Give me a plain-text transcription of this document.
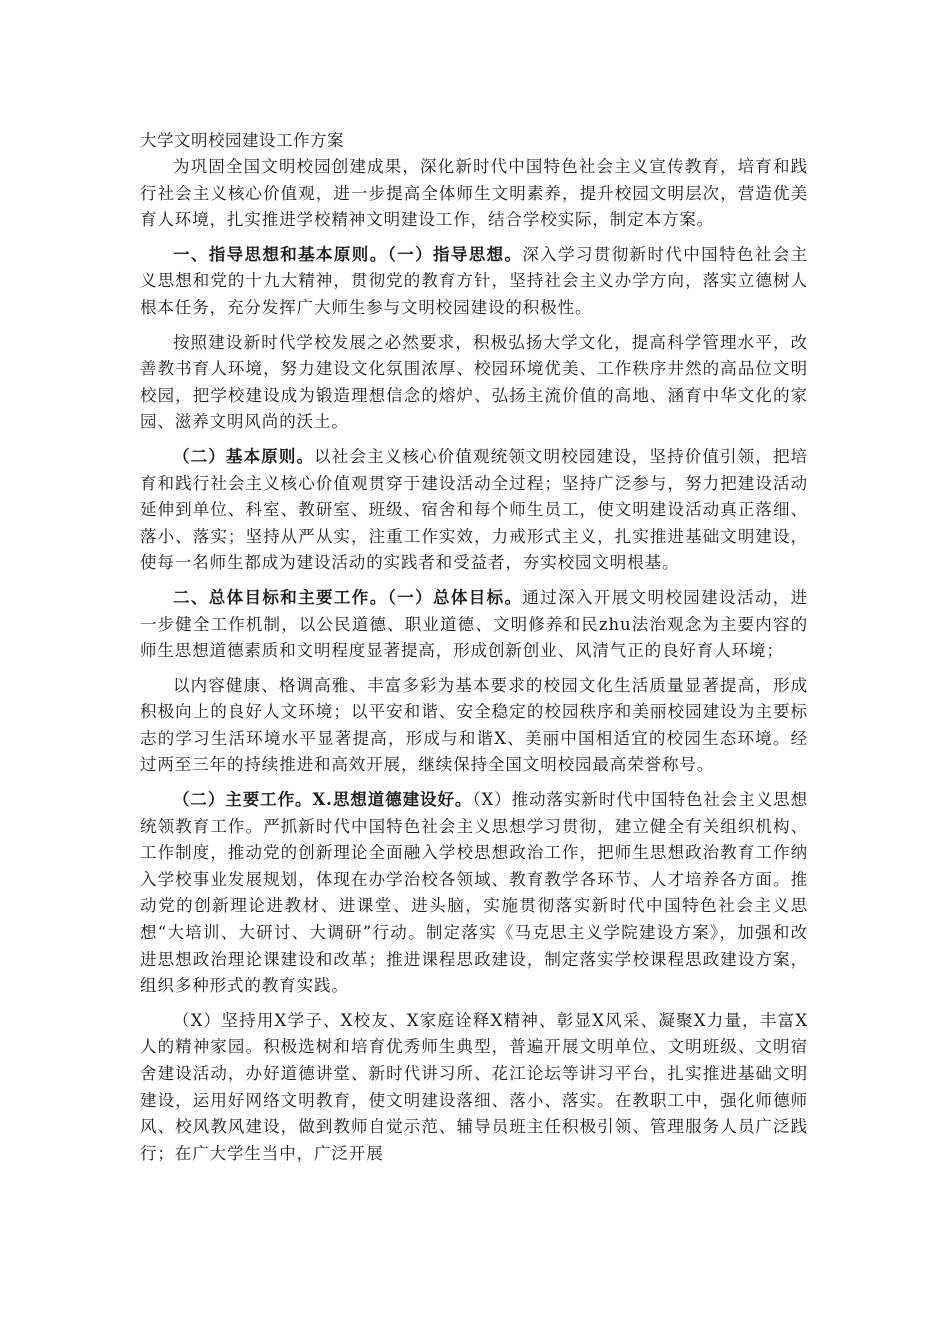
大学文明校园建设工作方案

为巩固全国文明校园创建成果，深化新时代中国特色社会主义宣传教育，培育和践行社会主义核心价值观，进一步提高全体师生文明素养，提升校园文明层次，营造优美育人环境，扎实推进学校精神文明建设工作，结合学校实际，制定本方案。

一、指导思想和基本原则。（一）指导思想。深入学习贯彻新时代中国特色社会主义思想和党的十九大精神，贯彻党的教育方针，坚持社会主义办学方向，落实立德树人根本任务，充分发挥广大师生参与文明校园建设的积极性。

按照建设新时代学校发展之必然要求，积极弘扬大学文化，提高科学管理水平，改善教书育人环境，努力建设文化氛围浓厚、校园环境优美、工作秩序井然的高品位文明校园，把学校建设成为锻造理想信念的熔炉、弘扬主流价值的高地、涵育中华文化的家园、滋养文明风尚的沃土。

（二）基本原则。以社会主义核心价值观统领文明校园建设，坚持价值引领，把培育和践行社会主义核心价值观贯穿于建设活动全过程；坚持广泛参与，努力把建设活动延伸到单位、科室、教研室、班级、宿舍和每个师生员工，使文明建设活动真正落细、落小、落实；坚持从严从实，注重工作实效，力戒形式主义，扎实推进基础文明建设，使每一名师生都成为建设活动的实践者和受益者，夯实校园文明根基。

二、总体目标和主要工作。（一）总体目标。通过深入开展文明校园建设活动，进一步健全工作机制，以公民道德、职业道德、文明修养和民zhu法治观念为主要内容的师生思想道德素质和文明程度显著提高，形成创新创业、风清气正的良好育人环境；

以内容健康、格调高雅、丰富多彩为基本要求的校园文化生活质量显著提高，形成积极向上的良好人文环境；以平安和谐、安全稳定的校园秩序和美丽校园建设为主要标志的学习生活环境水平显著提高，形成与和谐X、美丽中国相适宜的校园生态环境。经过两至三年的持续推进和高效开展，继续保持全国文明校园最高荣誉称号。

（二）主要工作。X.思想道德建设好。（X）推动落实新时代中国特色社会主义思想统领教育工作。严抓新时代中国特色社会主义思想学习贯彻，建立健全有关组织机构、工作制度，推动党的创新理论全面融入学校思想政治工作，把师生思想政治教育工作纳入学校事业发展规划，体现在办学治校各领域、教育教学各环节、人才培养各方面。推动党的创新理论进教材、进课堂、进头脑，实施贯彻落实新时代中国特色社会主义思想“大培训、大研讨、大调研”行动。制定落实《马克思主义学院建设方案》，加强和改进思想政治理论课建设和改革；推进课程思政建设，制定落实学校课程思政建设方案，组织多种形式的教育实践。

（X）坚持用X学子、X校友、X家庭诠释X精神、彰显X风采、凝聚X力量，丰富X人的精神家园。积极选树和培育优秀师生典型，普遍开展文明单位、文明班级、文明宿舍建设活动，办好道德讲堂、新时代讲习所、花江论坛等讲习平台，扎实推进基础文明建设，运用好网络文明教育，使文明建设落细、落小、落实。在教职工中，强化师德师风、校风教风建设，做到教师自觉示范、辅导员班主任积极引领、管理服务人员广泛践行；在广大学生当中，广泛开展
